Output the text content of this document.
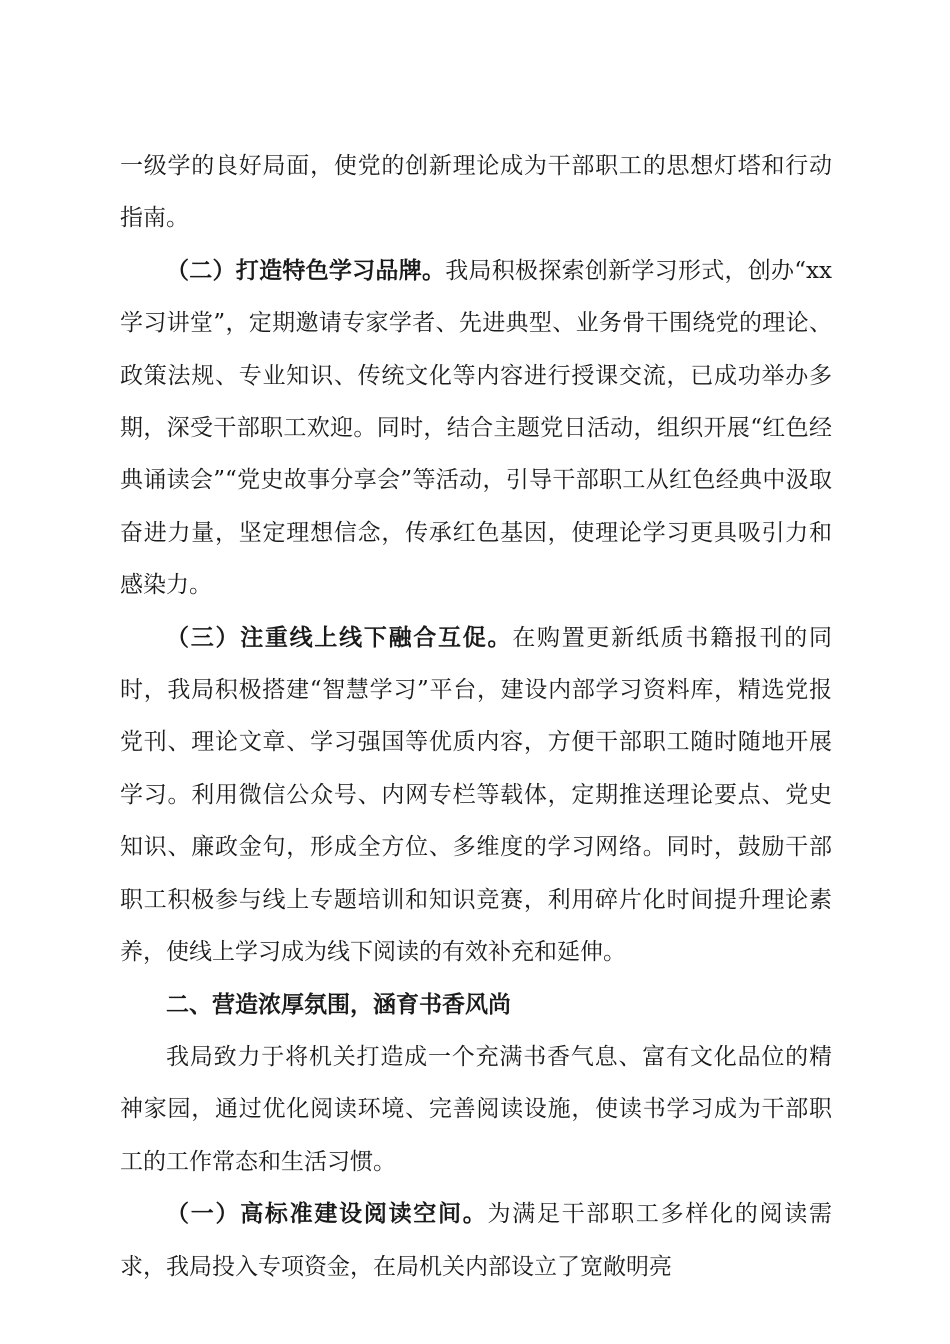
一级学的良好局面，使党的创新理论成为干部职工的思想灯塔和行动指南。

（二）打造特色学习品牌。我局积极探索创新学习形式，创办“xx学习讲堂”，定期邀请专家学者、先进典型、业务骨干围绕党的理论、政策法规、专业知识、传统文化等内容进行授课交流，已成功举办多期，深受干部职工欢迎。同时，结合主题党日活动，组织开展“红色经典诵读会”“党史故事分享会”等活动，引导干部职工从红色经典中汲取奋进力量，坚定理想信念，传承红色基因，使理论学习更具吸引力和感染力。

（三）注重线上线下融合互促。在购置更新纸质书籍报刊的同时，我局积极搭建“智慧学习”平台，建设内部学习资料库，精选党报党刊、理论文章、学习强国等优质内容，方便干部职工随时随地开展学习。利用微信公众号、内网专栏等载体，定期推送理论要点、党史知识、廉政金句，形成全方位、多维度的学习网络。同时，鼓励干部职工积极参与线上专题培训和知识竞赛，利用碎片化时间提升理论素养，使线上学习成为线下阅读的有效补充和延伸。

二、营造浓厚氛围，涵育书香风尚

我局致力于将机关打造成一个充满书香气息、富有文化品位的精神家园，通过优化阅读环境、完善阅读设施，使读书学习成为干部职工的工作常态和生活习惯。

（一）高标准建设阅读空间。为满足干部职工多样化的阅读需求，我局投入专项资金，在局机关内部设立了宽敞明亮
